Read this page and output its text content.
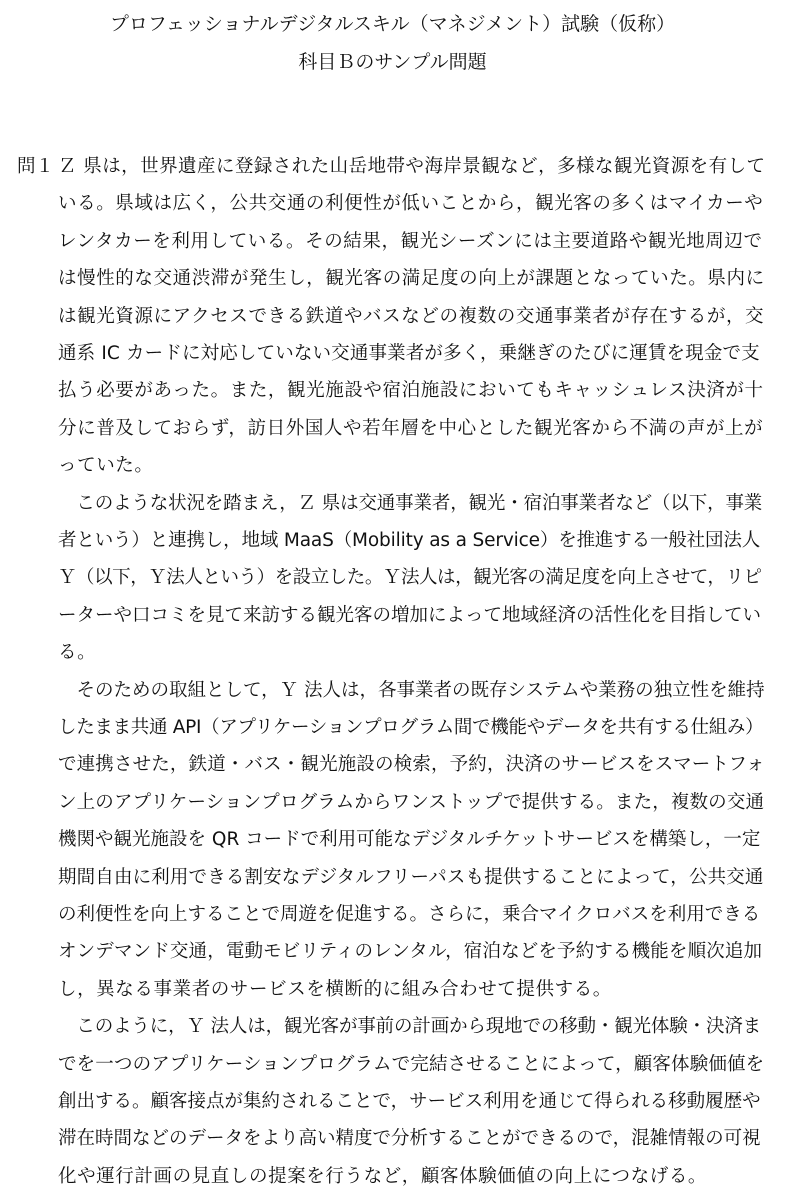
プロフェッショナルデジタルスキル（マネジメント）試験（仮称）
科目Ｂのサンプル問題
問１ Ｚ 県は，世界遺産に登録された山岳地帯や海岸景観など，多様な観光資源を有して
いる。県域は広く，公共交通の利便性が低いことから，観光客の多くはマイカーや
レンタカーを利用している。その結果，観光シーズンには主要道路や観光地周辺で
は慢性的な交通渋滞が発生し，観光客の満足度の向上が課題となっていた。県内に
は観光資源にアクセスできる鉄道やバスなどの複数の交通事業者が存在するが，交
通系 IC カードに対応していない交通事業者が多く，乗継ぎのたびに運賃を現金で支
払う必要があった。また，観光施設や宿泊施設においてもキャッシュレス決済が十
分に普及しておらず，訪日外国人や若年層を中心とした観光客から不満の声が上が
っていた。
　このような状況を踏まえ，Ｚ 県は交通事業者，観光・宿泊事業者など（以下，事業
者という）と連携し，地域 MaaS（Mobility as a Service）を推進する一般社団法人
Ｙ（以下，Ｙ法人という）を設立した。Ｙ法人は，観光客の満足度を向上させて，リピ
ーターや口コミを見て来訪する観光客の増加によって地域経済の活性化を目指してい
る。
　そのための取組として，Ｙ 法人は，各事業者の既存システムや業務の独立性を維持
したまま共通 API（アプリケーションプログラム間で機能やデータを共有する仕組み）
で連携させた，鉄道・バス・観光施設の検索，予約，決済のサービスをスマートフォ
ン上のアプリケーションプログラムからワンストップで提供する。また，複数の交通
機関や観光施設を QR コードで利用可能なデジタルチケットサービスを構築し，一定
期間自由に利用できる割安なデジタルフリーパスも提供することによって，公共交通
の利便性を向上することで周遊を促進する。さらに，乗合マイクロバスを利用できる
オンデマンド交通，電動モビリティのレンタル，宿泊などを予約する機能を順次追加
し，異なる事業者のサービスを横断的に組み合わせて提供する。
　このように，Ｙ 法人は，観光客が事前の計画から現地での移動・観光体験・決済ま
でを一つのアプリケーションプログラムで完結させることによって，顧客体験価値を
創出する。顧客接点が集約されることで，サービス利用を通じて得られる移動履歴や
滞在時間などのデータをより高い精度で分析することができるので，混雑情報の可視
化や運行計画の見直しの提案を行うなど，顧客体験価値の向上につなげる。
